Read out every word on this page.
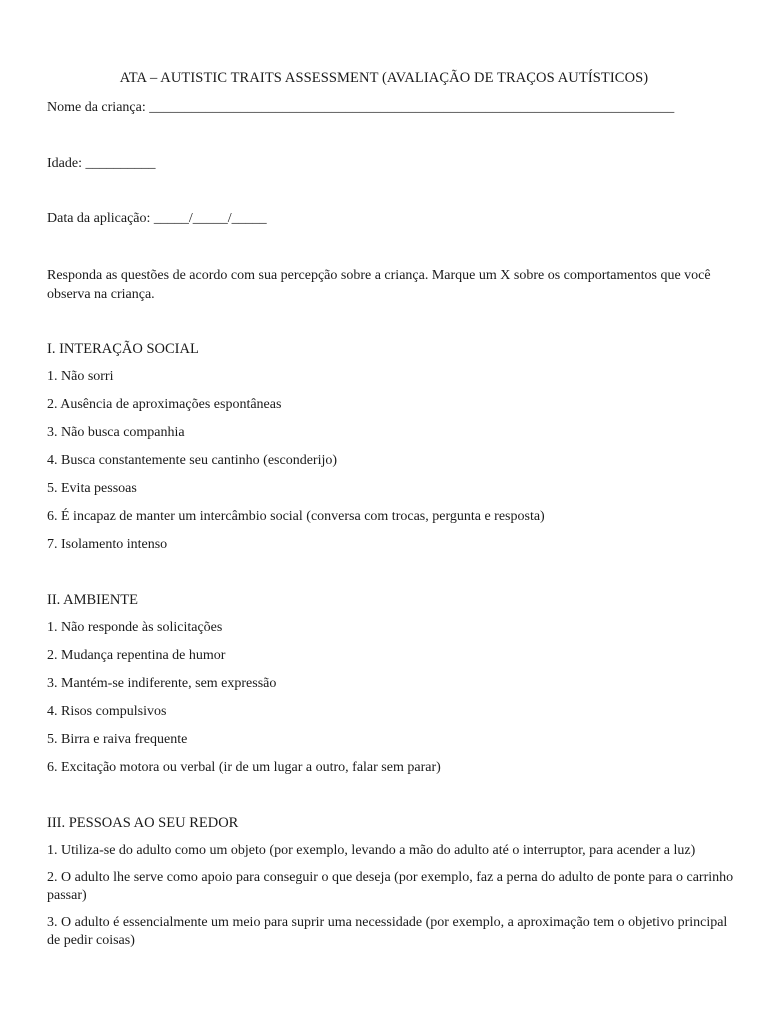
ATA – AUTISTIC TRAITS ASSESSMENT (AVALIAÇÃO DE TRAÇOS AUTÍSTICOS)
Nome da criança: ___________________________________________________________________________
Idade: __________
Data da aplicação: _____/_____/_____
Responda as questões de acordo com sua percepção sobre a criança. Marque um X sobre os comportamentos que você observa na criança.
I. INTERAÇÃO SOCIAL
1. Não sorri
2. Ausência de aproximações espontâneas
3. Não busca companhia
4. Busca constantemente seu cantinho (esconderijo)
5. Evita pessoas
6. É incapaz de manter um intercâmbio social (conversa com trocas, pergunta e resposta)
7. Isolamento intenso
II. AMBIENTE
1. Não responde às solicitações
2. Mudança repentina de humor
3. Mantém-se indiferente, sem expressão
4. Risos compulsivos
5. Birra e raiva frequente
6. Excitação motora ou verbal (ir de um lugar a outro, falar sem parar)
III. PESSOAS AO SEU REDOR
1. Utiliza-se do adulto como um objeto (por exemplo, levando a mão do adulto até o interruptor, para acender a luz)
2. O adulto lhe serve como apoio para conseguir o que deseja (por exemplo, faz a perna do adulto de ponte para o carrinho passar)
3. O adulto é essencialmente um meio para suprir uma necessidade (por exemplo, a aproximação tem o objetivo principal de pedir coisas)
